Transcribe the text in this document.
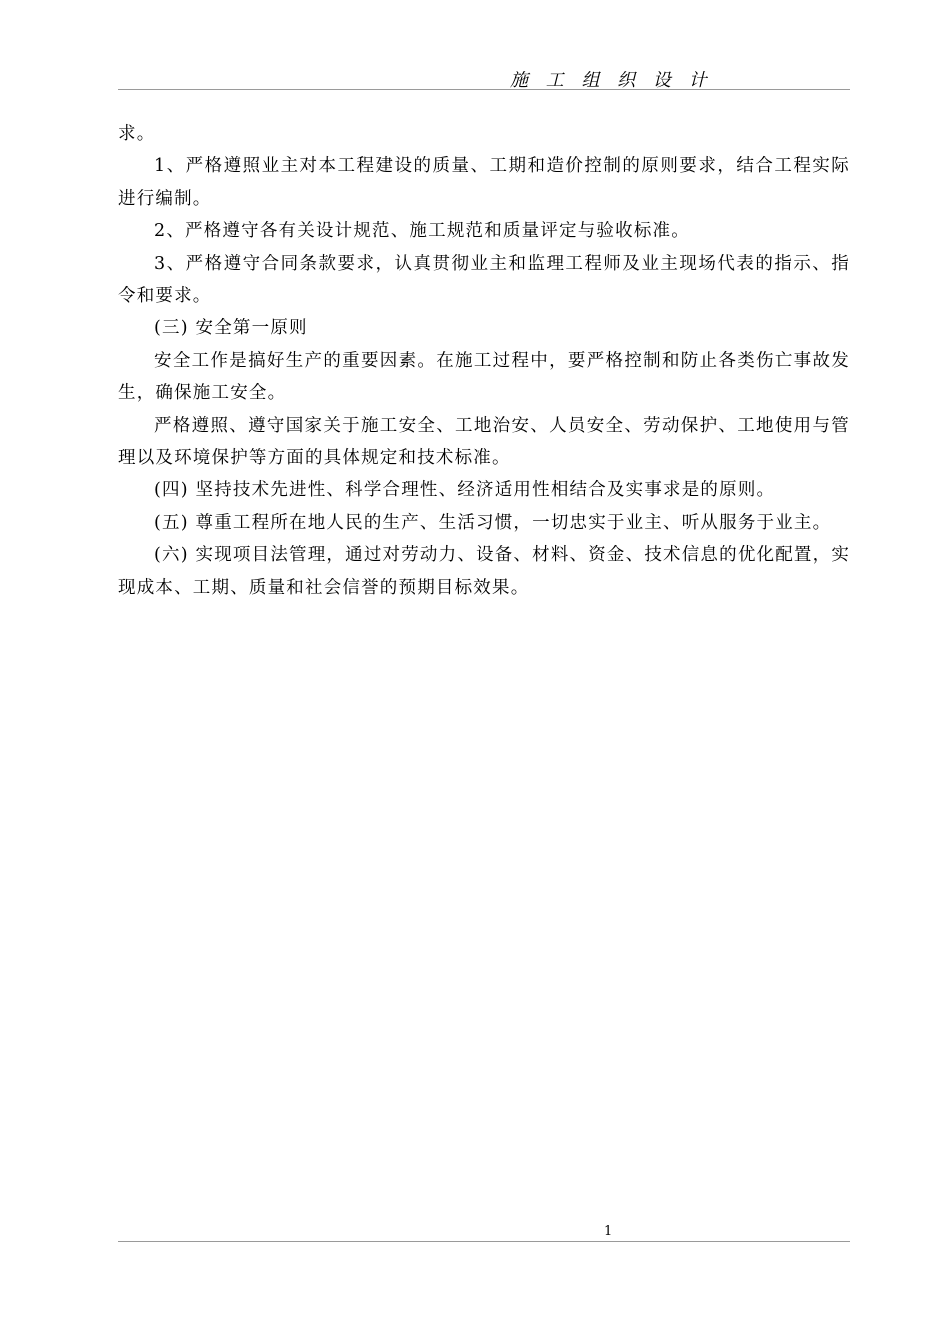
施 工 组 织 设 计

求。

1、严格遵照业主对本工程建设的质量、工期和造价控制的原则要求，结合工程实际进行编制。

2、严格遵守各有关设计规范、施工规范和质量评定与验收标准。

3、严格遵守合同条款要求，认真贯彻业主和监理工程师及业主现场代表的指示、指令和要求。

(三) 安全第一原则

安全工作是搞好生产的重要因素。在施工过程中，要严格控制和防止各类伤亡事故发生，确保施工安全。

严格遵照、遵守国家关于施工安全、工地治安、人员安全、劳动保护、工地使用与管理以及环境保护等方面的具体规定和技术标准。

(四) 坚持技术先进性、科学合理性、经济适用性相结合及实事求是的原则。

(五) 尊重工程所在地人民的生产、生活习惯，一切忠实于业主、听从服务于业主。

(六) 实现项目法管理，通过对劳动力、设备、材料、资金、技术信息的优化配置，实现成本、工期、质量和社会信誉的预期目标效果。

1
